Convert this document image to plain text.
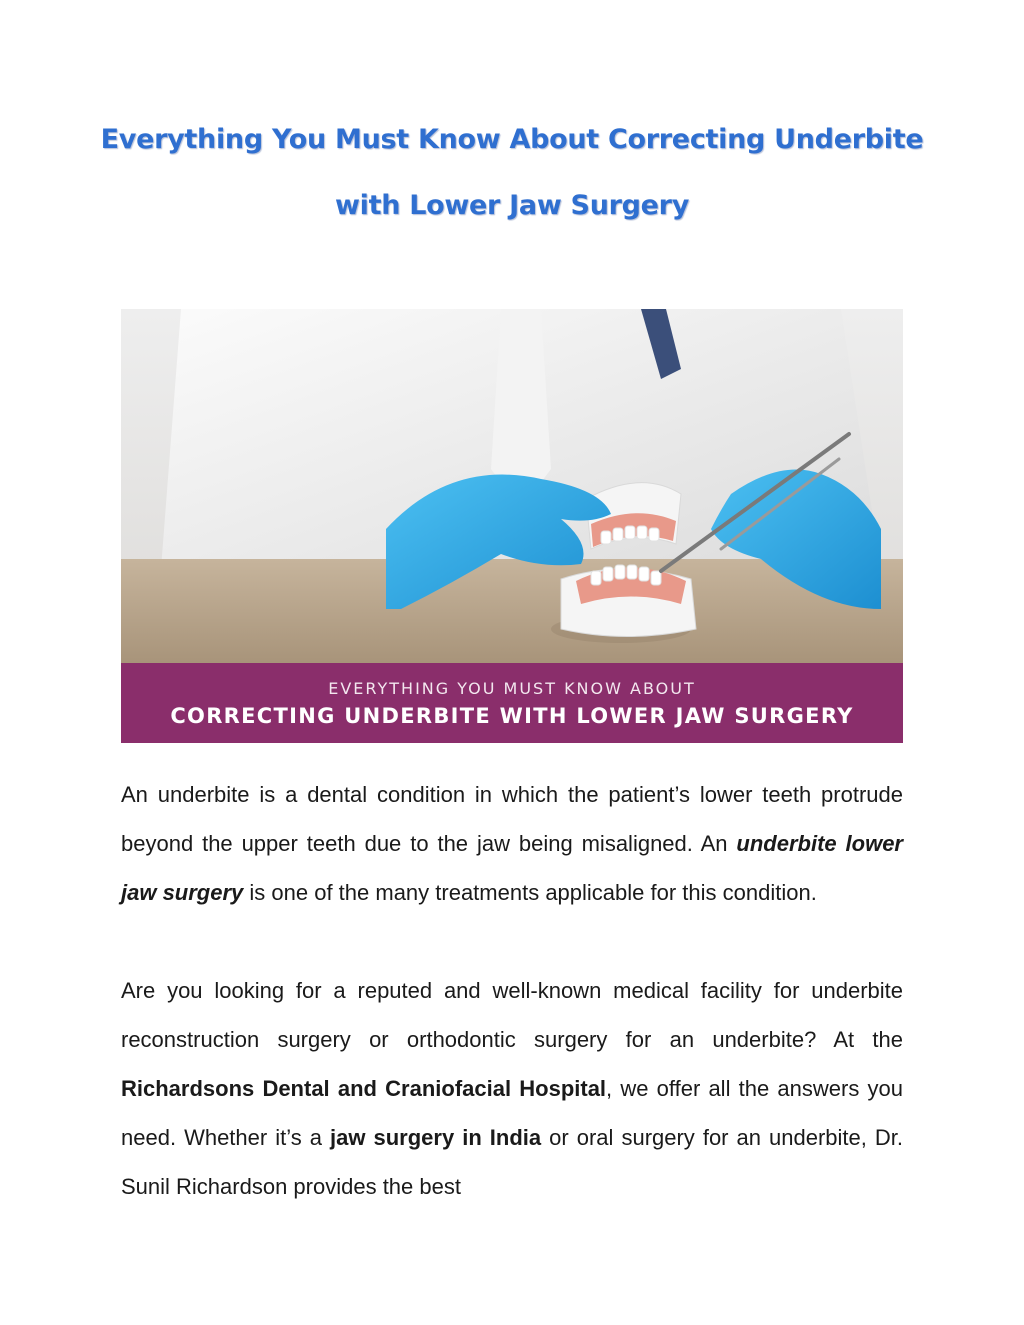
Everything You Must Know About Correcting Underbite
with Lower Jaw Surgery
EVERYTHING YOU MUST KNOW ABOUT
CORRECTING UNDERBITE WITH LOWER JAW SURGERY

An underbite is a dental condition in which the patient’s lower teeth protrude beyond the upper teeth due to the jaw being misaligned. An underbite lower jaw surgery is one of the many treatments applicable for this condition.

Are you looking for a reputed and well-known medical facility for underbite reconstruction surgery or orthodontic surgery for an underbite? At the Richardsons Dental and Craniofacial Hospital, we offer all the answers you need. Whether it’s a jaw surgery in India or oral surgery for an underbite, Dr. Sunil Richardson provides the best
